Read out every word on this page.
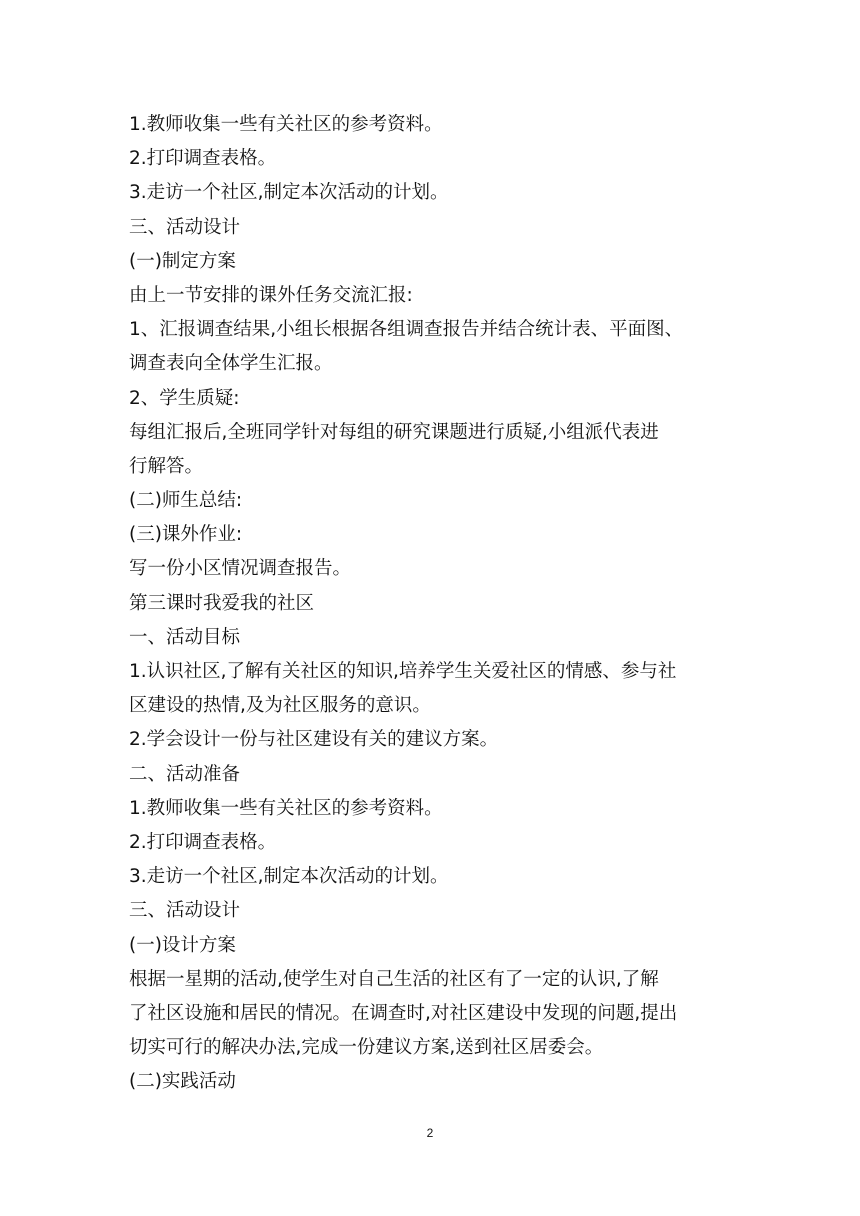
1.教师收集一些有关社区的参考资料。
2.打印调查表格。
3.走访一个社区,制定本次活动的计划。
三、活动设计
(一)制定方案
由上一节安排的课外任务交流汇报:
1、汇报调查结果,小组长根据各组调查报告并结合统计表、平面图、
调查表向全体学生汇报。
2、学生质疑:
每组汇报后,全班同学针对每组的研究课题进行质疑,小组派代表进
行解答。
(二)师生总结:
(三)课外作业:
写一份小区情况调查报告。
第三课时我爱我的社区
一、活动目标
1.认识社区,了解有关社区的知识,培养学生关爱社区的情感、参与社
区建设的热情,及为社区服务的意识。
2.学会设计一份与社区建设有关的建议方案。
二、活动准备
1.教师收集一些有关社区的参考资料。
2.打印调查表格。
3.走访一个社区,制定本次活动的计划。
三、活动设计
(一)设计方案
根据一星期的活动,使学生对自己生活的社区有了一定的认识,了解
了社区设施和居民的情况。在调查时,对社区建设中发现的问题,提出
切实可行的解决办法,完成一份建议方案,送到社区居委会。
(二)实践活动
2
